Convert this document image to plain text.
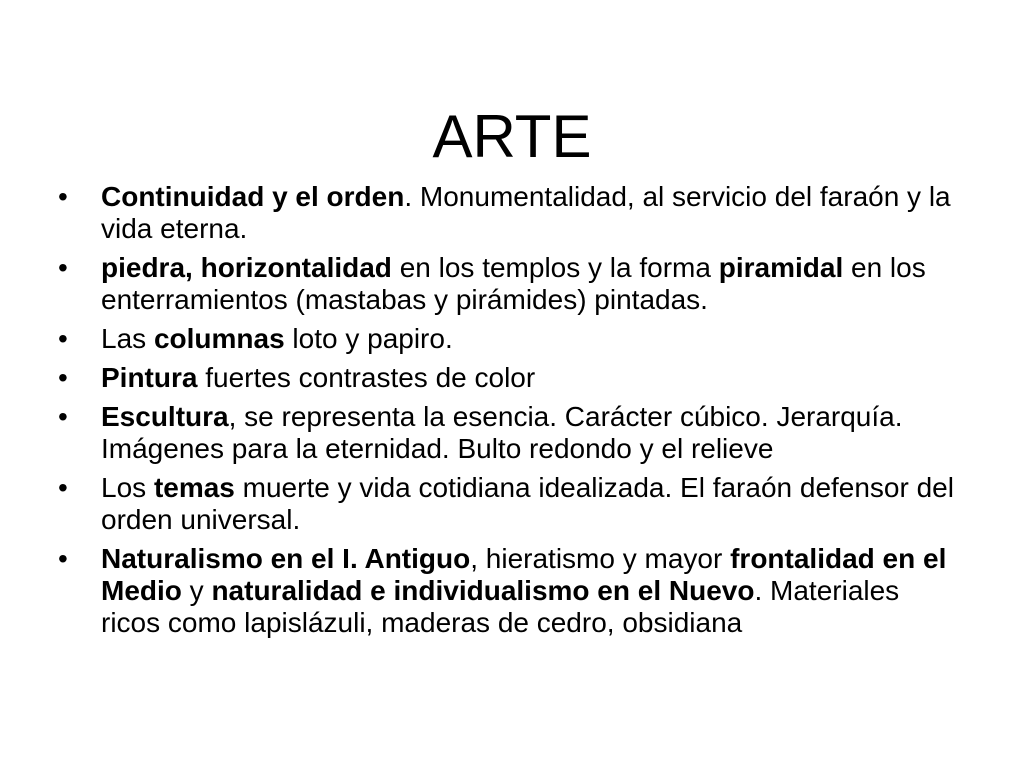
ARTE
• Continuidad y el orden. Monumentalidad, al servicio del faraón y la vida eterna.
• piedra, horizontalidad en los templos y la forma piramidal en los enterramientos (mastabas y pirámides) pintadas.
• Las columnas loto y papiro.
• Pintura fuertes contrastes de color
• Escultura, se representa la esencia. Carácter cúbico. Jerarquía. Imágenes para la eternidad. Bulto redondo y el relieve
• Los temas muerte y vida cotidiana idealizada. El faraón defensor del orden universal.
• Naturalismo en el I. Antiguo, hieratismo y mayor frontalidad en el Medio y naturalidad e individualismo en el Nuevo. Materiales ricos como lapislázuli, maderas de cedro, obsidiana
